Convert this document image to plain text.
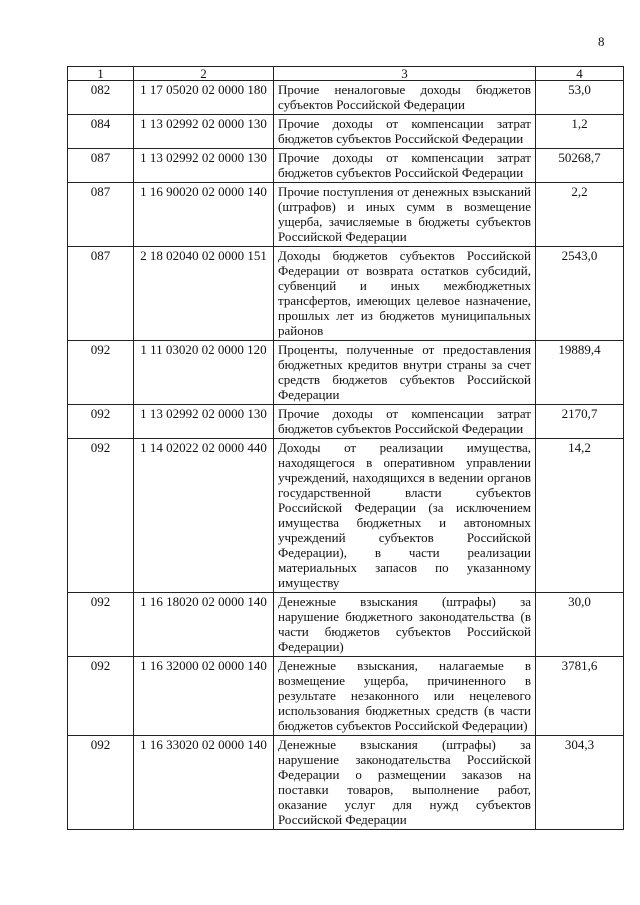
8
1	2	3	4
082	1 17 05020 02 0000 180	Прочие неналоговые доходы бюджетов субъектов Российской Федерации	53,0
084	1 13 02992 02 0000 130	Прочие доходы от компенсации затрат бюджетов субъектов Российской Федерации	1,2
087	1 13 02992 02 0000 130	Прочие доходы от компенсации затрат бюджетов субъектов Российской Федерации	50268,7
087	1 16 90020 02 0000 140	Прочие поступления от денежных взысканий (штрафов) и иных сумм в возмещение ущерба, зачисляемые в бюджеты субъектов Российской Федерации	2,2
087	2 18 02040 02 0000 151	Доходы бюджетов субъектов Российской Федерации от возврата остатков субсидий, субвенций и иных межбюджетных трансфертов, имеющих целевое назначение, прошлых лет из бюджетов муниципальных районов	2543,0
092	1 11 03020 02 0000 120	Проценты, полученные от предоставления бюджетных кредитов внутри страны за счет средств бюджетов субъектов Российской Федерации	19889,4
092	1 13 02992 02 0000 130	Прочие доходы от компенсации затрат бюджетов субъектов Российской Федерации	2170,7
092	1 14 02022 02 0000 440	Доходы от реализации имущества, находящегося в оперативном управлении учреждений, находящихся в ведении органов государственной власти субъектов Российской Федерации (за исключением имущества бюджетных и автономных учреждений субъектов Российской Федерации), в части реализации материальных запасов по указанному имуществу	14,2
092	1 16 18020 02 0000 140	Денежные взыскания (штрафы) за нарушение бюджетного законодательства (в части бюджетов субъектов Российской Федерации)	30,0
092	1 16 32000 02 0000 140	Денежные взыскания, налагаемые в возмещение ущерба, причиненного в результате незаконного или нецелевого использования бюджетных средств (в части бюджетов субъектов Российской Федерации)	3781,6
092	1 16 33020 02 0000 140	Денежные взыскания (штрафы) за нарушение законодательства Российской Федерации о размещении заказов на поставки товаров, выполнение работ, оказание услуг для нужд субъектов Российской Федерации	304,3
